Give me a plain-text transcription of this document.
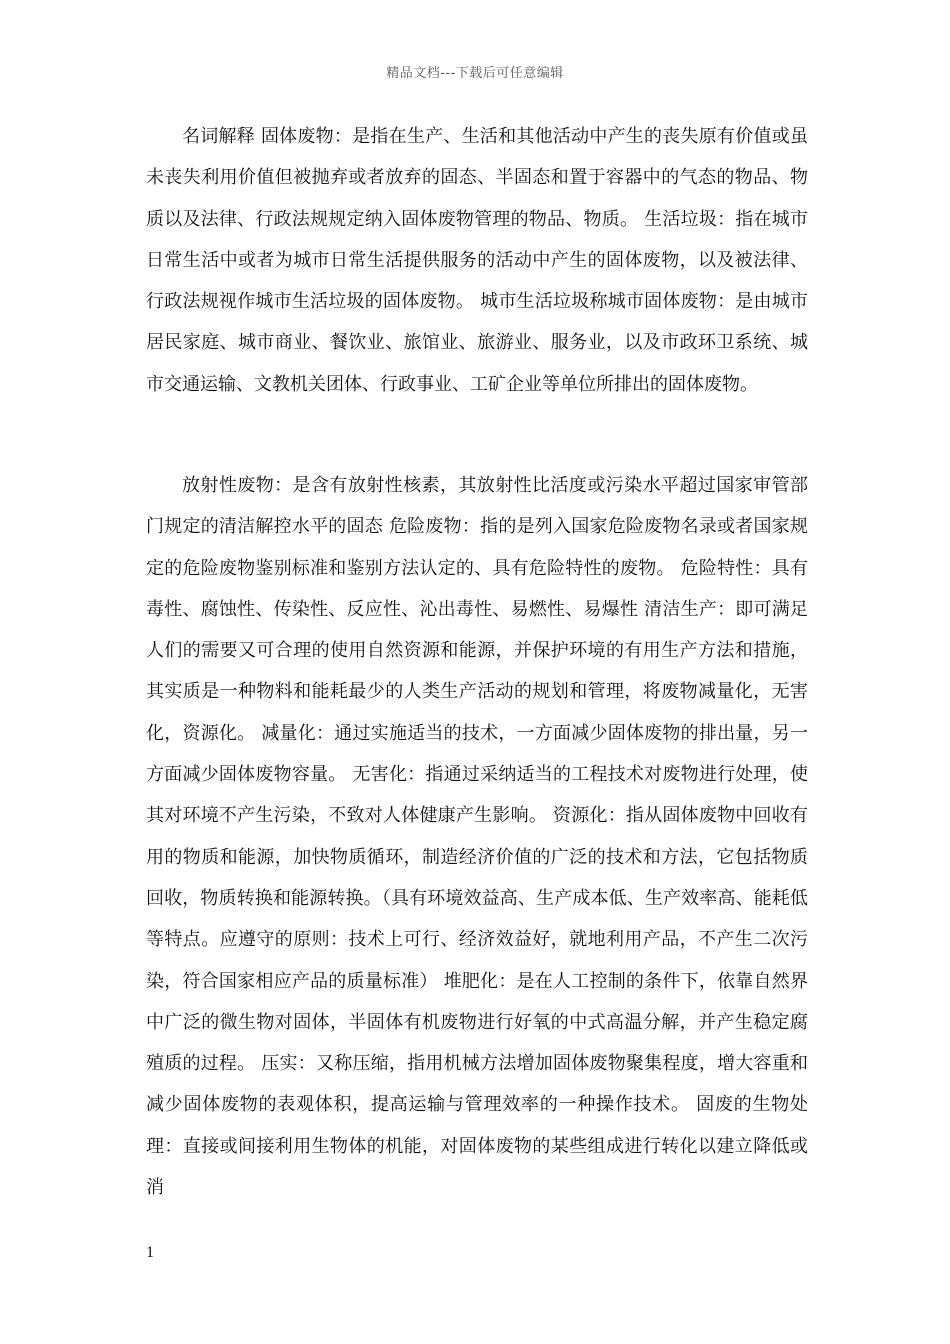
精品文档---下载后可任意编辑

名词解释 固体废物：是指在生产、生活和其他活动中产生的丧失原有价值或虽未丧失利用价值但被抛弃或者放弃的固态、半固态和置于容器中的气态的物品、物质以及法律、行政法规规定纳入固体废物管理的物品、物质。 生活垃圾：指在城市日常生活中或者为城市日常生活提供服务的活动中产生的固体废物，以及被法律、行政法规视作城市生活垃圾的固体废物。 城市生活垃圾称城市固体废物：是由城市居民家庭、城市商业、餐饮业、旅馆业、旅游业、服务业，以及市政环卫系统、城市交通运输、文教机关团体、行政事业、工矿企业等单位所排出的固体废物。

放射性废物：是含有放射性核素，其放射性比活度或污染水平超过国家审管部门规定的清洁解控水平的固态 危险废物：指的是列入国家危险废物名录或者国家规定的危险废物鉴别标准和鉴别方法认定的、具有危险特性的废物。 危险特性：具有毒性、腐蚀性、传染性、反应性、沁出毒性、易燃性、易爆性 清洁生产：即可满足人们的需要又可合理的使用自然资源和能源，并保护环境的有用生产方法和措施，其实质是一种物料和能耗最少的人类生产活动的规划和管理，将废物减量化，无害化，资源化。 减量化：通过实施适当的技术，一方面减少固体废物的排出量，另一方面减少固体废物容量。 无害化：指通过采纳适当的工程技术对废物进行处理，使其对环境不产生污染，不致对人体健康产生影响。 资源化：指从固体废物中回收有用的物质和能源，加快物质循环，制造经济价值的广泛的技术和方法，它包括物质回收，物质转换和能源转换。（具有环境效益高、生产成本低、生产效率高、能耗低等特点。应遵守的原则：技术上可行、经济效益好，就地利用产品，不产生二次污染，符合国家相应产品的质量标准） 堆肥化：是在人工控制的条件下，依靠自然界中广泛的微生物对固体，半固体有机废物进行好氧的中式高温分解，并产生稳定腐殖质的过程。 压实：又称压缩，指用机械方法增加固体废物聚集程度，增大容重和减少固体废物的表观体积，提高运输与管理效率的一种操作技术。 固废的生物处理：直接或间接利用生物体的机能，对固体废物的某些组成进行转化以建立降低或消

1
